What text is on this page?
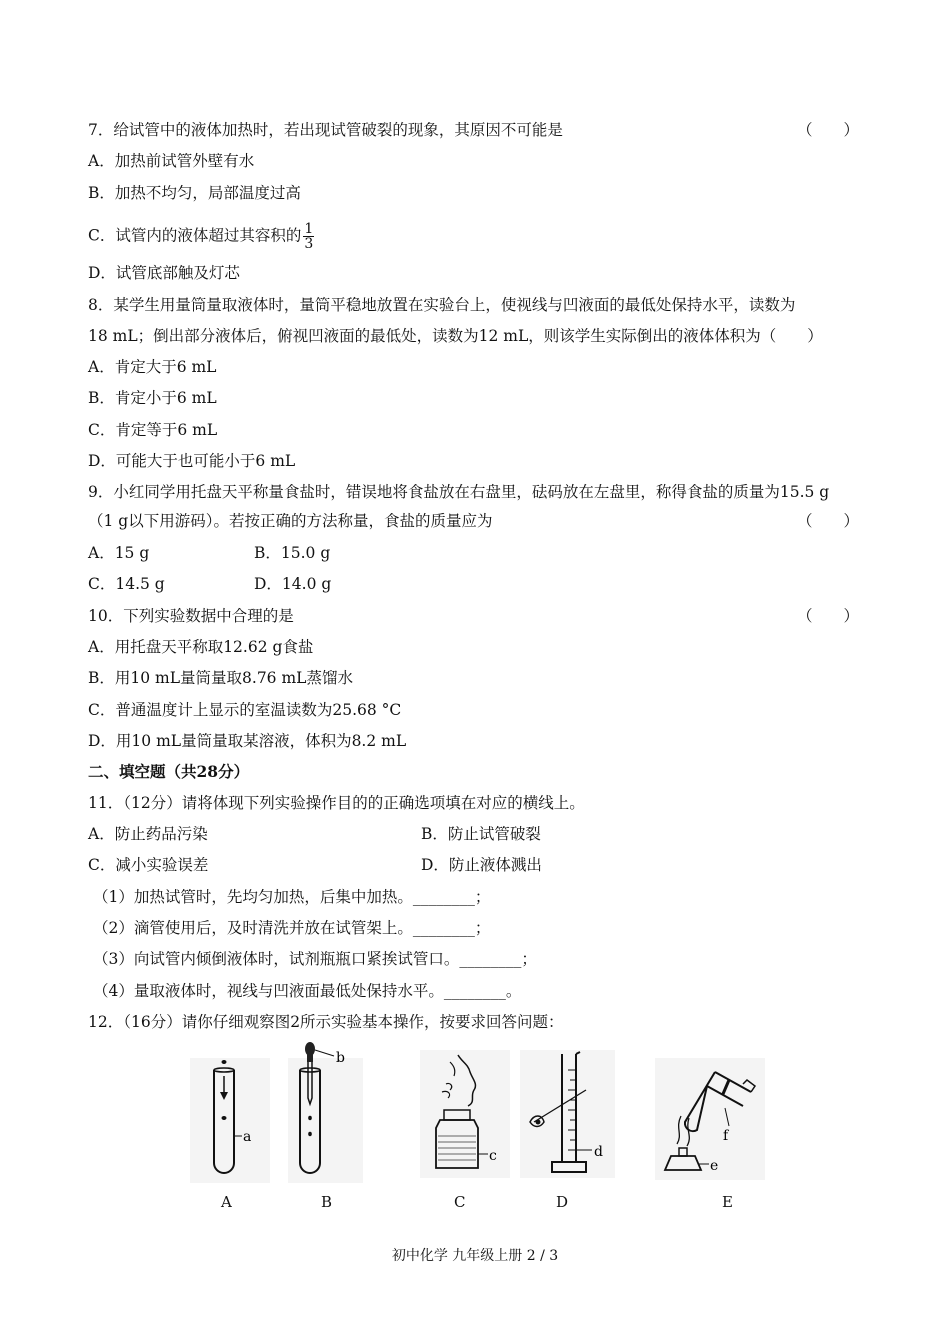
7．给试管中的液体加热时，若出现试管破裂的现象，其原因不可能是	（　　）
A．加热前试管外壁有水
B．加热不均匀，局部温度过高
C．试管内的液体超过其容积的 $\frac{1}{3}$
D．试管底部触及灯芯
8．某学生用量筒量取液体时，量筒平稳地放置在实验台上，使视线与凹液面的最低处保持水平，读数为
18 mL；倒出部分液体后，俯视凹液面的最低处，读数为12 mL，则该学生实际倒出的液体体积为（　　）
A．肯定大于6 mL
B．肯定小于6 mL
C．肯定等于6 mL
D．可能大于也可能小于6 mL
9．小红同学用托盘天平称量食盐时，错误地将食盐放在右盘里，砝码放在左盘里，称得食盐的质量为15.5 g
（1 g以下用游码）。若按正确的方法称量，食盐的质量应为	（　　）
A．15 g	B．15.0 g
C．14.5 g	D．14.0 g
10．下列实验数据中合理的是	（　　）
A．用托盘天平称取12.62 g食盐
B．用10 mL量筒量取8.76 mL蒸馏水
C．普通温度计上显示的室温读数为25.68 °C
D．用10 mL量筒量取某溶液，体积为8.2 mL
二、填空题（共28分）
11．（12分）请将体现下列实验操作目的的正确选项填在对应的横线上。
A．防止药品污染	B．防止试管破裂
C．减小实验误差	D．防止液体溅出
（1）加热试管时，先均匀加热，后集中加热。________；
（2）滴管使用后，及时清洗并放在试管架上。________；
（3）向试管内倾倒液体时，试剂瓶瓶口紧挨试管口。________；
（4）量取液体时，视线与凹液面最低处保持水平。________。
12．（16分）请你仔细观察图2所示实验基本操作，按要求回答问题：
a
b
c	d
e
f
A	B	C	D	E
初中化学 九年级上册 2 / 3
